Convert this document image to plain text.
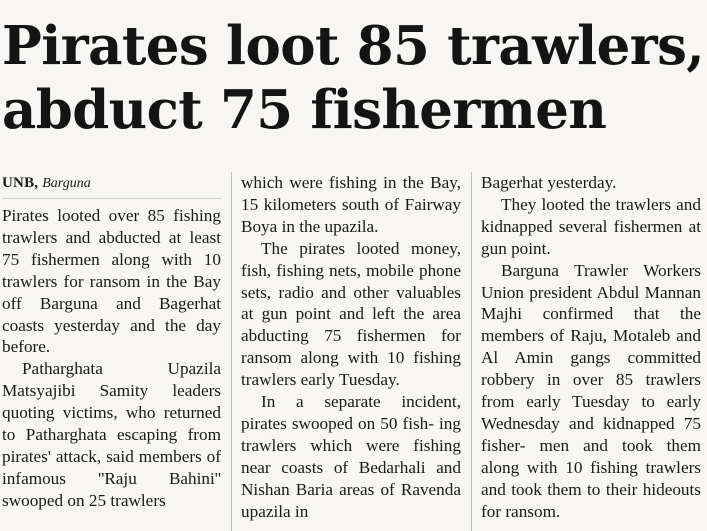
Pirates loot 85 trawlers,
abduct 75 fishermen
UNB, Barguna

Pirates looted over 85 fishing trawlers and abducted at least 75 fishermen along with 10 trawlers for ransom in the Bay off Barguna and Bagerhat coasts yesterday and the day before.

Patharghata Upazila Matsyajibi Samity leaders quoting victims, who returned to Patharghata escaping from pirates' attack, said members of infamous ''Raju Bahini'' swooped on 25 trawlers

which were fishing in the Bay, 15 kilometers south of Fairway Boya in the upazila.

The pirates looted money, fish, fishing nets, mobile phone sets, radio and other valuables at gun point and left the area abducting 75 fishermen for ransom along with 10 fishing trawlers early Tuesday.

In a separate incident, pirates swooped on 50 fish- ing trawlers which were fishing near coasts of Bedarhali and Nishan Baria areas of Ravenda upazila in

Bagerhat yesterday.

They looted the trawlers and kidnapped several fishermen at gun point.

Barguna Trawler Workers Union president Abdul Mannan Majhi confirmed that the members of Raju, Motaleb and Al Amin gangs committed robbery in over 85 trawlers from early Tuesday to early Wednesday and kidnapped 75 fisher- men and took them along with 10 fishing trawlers and took them to their hideouts for ransom.
